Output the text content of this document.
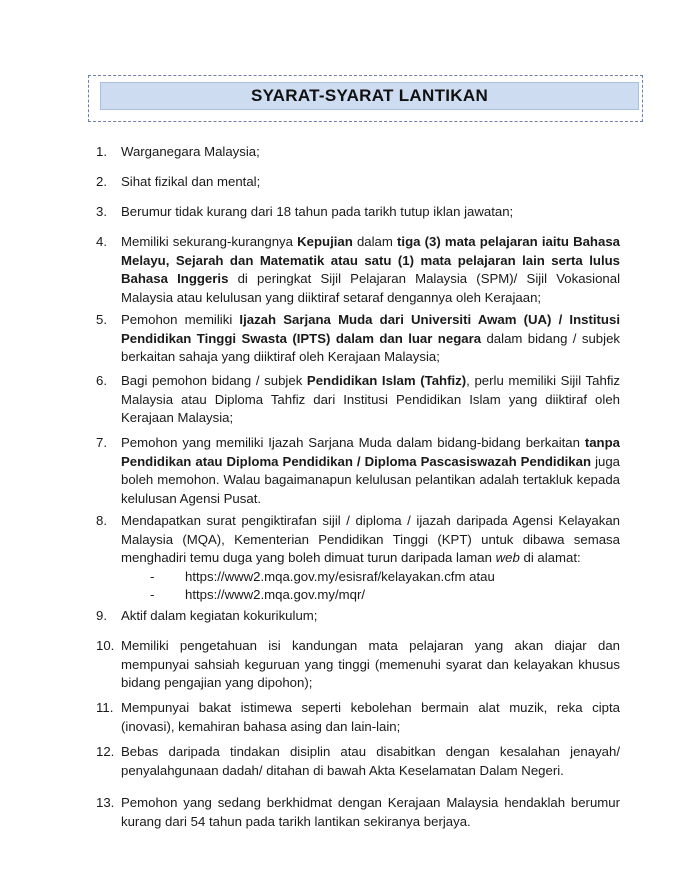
SYARAT-SYARAT LANTIKAN
1. Warganegara Malaysia;
2. Sihat fizikal dan mental;
3. Berumur tidak kurang dari 18 tahun pada tarikh tutup iklan jawatan;
4. Memiliki sekurang-kurangnya Kepujian dalam tiga (3) mata pelajaran iaitu Bahasa Melayu, Sejarah dan Matematik atau satu (1) mata pelajaran lain serta lulus Bahasa Inggeris di peringkat Sijil Pelajaran Malaysia (SPM)/ Sijil Vokasional Malaysia atau kelulusan yang diiktiraf setaraf dengannya oleh Kerajaan;
5. Pemohon memiliki Ijazah Sarjana Muda dari Universiti Awam (UA) / Institusi Pendidikan Tinggi Swasta (IPTS) dalam dan luar negara dalam bidang / subjek berkaitan sahaja yang diiktiraf oleh Kerajaan Malaysia;
6. Bagi pemohon bidang / subjek Pendidikan Islam (Tahfiz), perlu memiliki Sijil Tahfiz Malaysia atau Diploma Tahfiz dari Institusi Pendidikan Islam yang diiktiraf oleh Kerajaan Malaysia;
7. Pemohon yang memiliki Ijazah Sarjana Muda dalam bidang-bidang berkaitan tanpa Pendidikan atau Diploma Pendidikan / Diploma Pascasiswazah Pendidikan juga boleh memohon. Walau bagaimanapun kelulusan pelantikan adalah tertakluk kepada kelulusan Agensi Pusat.
8. Mendapatkan surat pengiktirafan sijil / diploma / ijazah daripada Agensi Kelayakan Malaysia (MQA), Kementerian Pendidikan Tinggi (KPT) untuk dibawa semasa menghadiri temu duga yang boleh dimuat turun daripada laman web di alamat:
- https://www2.mqa.gov.my/esisraf/kelayakan.cfm atau
- https://www2.mqa.gov.my/mqr/
9. Aktif dalam kegiatan kokurikulum;
10. Memiliki pengetahuan isi kandungan mata pelajaran yang akan diajar dan mempunyai sahsiah keguruan yang tinggi (memenuhi syarat dan kelayakan khusus bidang pengajian yang dipohon);
11. Mempunyai bakat istimewa seperti kebolehan bermain alat muzik, reka cipta (inovasi), kemahiran bahasa asing dan lain-lain;
12. Bebas daripada tindakan disiplin atau disabitkan dengan kesalahan jenayah/ penyalahgunaan dadah/ ditahan di bawah Akta Keselamatan Dalam Negeri.
13. Pemohon yang sedang berkhidmat dengan Kerajaan Malaysia hendaklah berumur kurang dari 54 tahun pada tarikh lantikan sekiranya berjaya.
